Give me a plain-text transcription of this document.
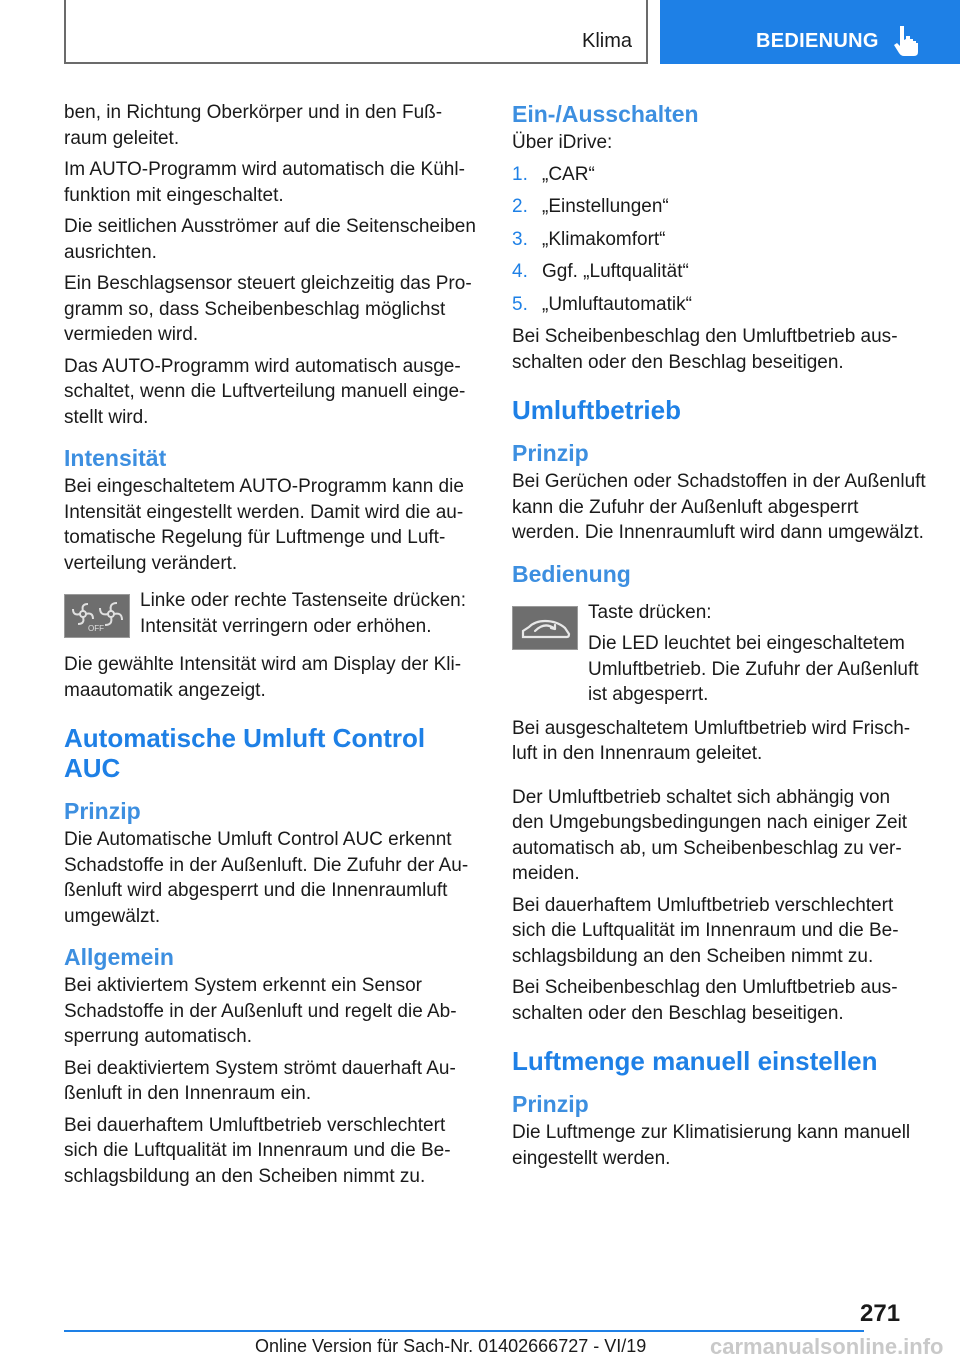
Klima	BEDIENUNG

ben, in Richtung Oberkörper und in den Fußraum geleitet.

Im AUTO-Programm wird automatisch die Kühlfunktion mit eingeschaltet.

Die seitlichen Ausströmer auf die Seitenscheiben ausrichten.

Ein Beschlagsensor steuert gleichzeitig das Programm so, dass Scheibenbeschlag möglichst vermieden wird.

Das AUTO-Programm wird automatisch ausgeschaltet, wenn die Luftverteilung manuell eingestellt wird.

Intensität

Bei eingeschaltetem AUTO-Programm kann die Intensität eingestellt werden. Damit wird die automatische Regelung für Luftmenge und Luftverteilung verändert.

OFF

Linke oder rechte Tastenseite drücken: Intensität verringern oder erhöhen.

Die gewählte Intensität wird am Display der Klimaautomatik angezeigt.

Automatische Umluft Control AUC
Prinzip

Die Automatische Umluft Control AUC erkennt Schadstoffe in der Außenluft. Die Zufuhr der Außenluft wird abgesperrt und die Innenraumluft umgewälzt.

Allgemein

Bei aktiviertem System erkennt ein Sensor Schadstoffe in der Außenluft und regelt die Absperrung automatisch.

Bei deaktiviertem System strömt dauerhaft Außenluft in den Innenraum ein.

Bei dauerhaftem Umluftbetrieb verschlechtert sich die Luftqualität im Innenraum und die Beschlagsbildung an den Scheiben nimmt zu.

Ein-/Ausschalten

Über iDrive:

1. „CAR“
2. „Einstellungen“
3. „Klimakomfort“
4. Ggf. „Luftqualität“
5. „Umluftautomatik“

Bei Scheibenbeschlag den Umluftbetrieb ausschalten oder den Beschlag beseitigen.

Umluftbetrieb
Prinzip

Bei Gerüchen oder Schadstoffen in der Außenluft kann die Zufuhr der Außenluft abgesperrt werden. Die Innenraumluft wird dann umgewälzt.

Bedienung

Taste drücken:

Die LED leuchtet bei eingeschaltetem Umluftbetrieb. Die Zufuhr der Außenluft ist abgesperrt.

Bei ausgeschaltetem Umluftbetrieb wird Frischluft in den Innenraum geleitet.

Der Umluftbetrieb schaltet sich abhängig von den Umgebungsbedingungen nach einiger Zeit automatisch ab, um Scheibenbeschlag zu vermeiden.

Bei dauerhaftem Umluftbetrieb verschlechtert sich die Luftqualität im Innenraum und die Beschlagsbildung an den Scheiben nimmt zu.

Bei Scheibenbeschlag den Umluftbetrieb ausschalten oder den Beschlag beseitigen.

Luftmenge manuell einstellen
Prinzip

Die Luftmenge zur Klimatisierung kann manuell eingestellt werden.

271
Online Version für Sach-Nr. 01402666727 - VI/19	carmanualsonline.info
